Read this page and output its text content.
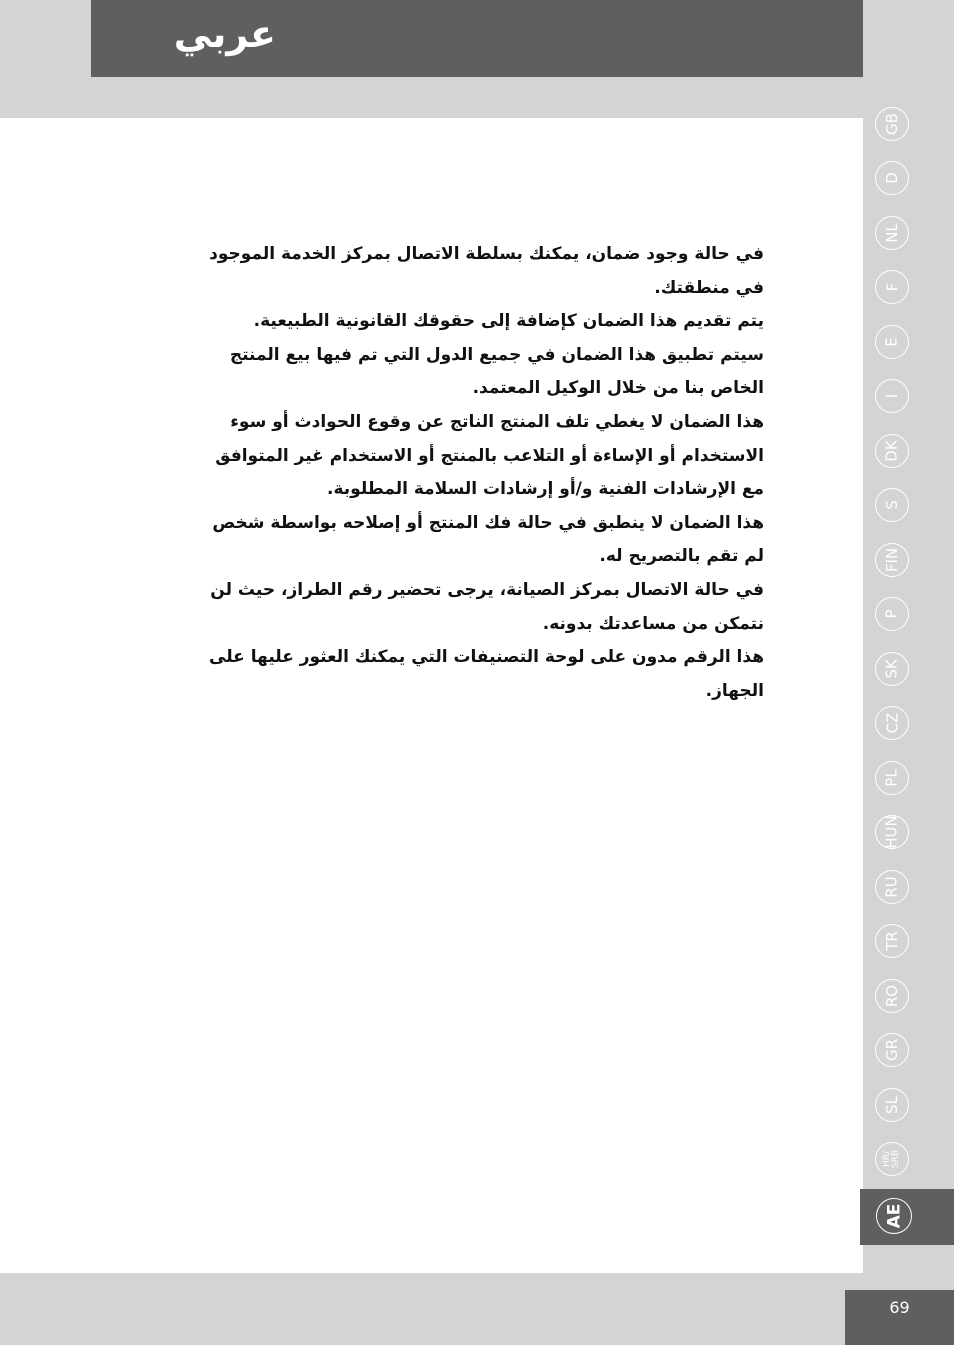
عربي

في حالة وجود ضمان، يمكنك بسلطة الاتصال بمركز الخدمة الموجود في منطقتك.

يتم تقديم هذا الضمان كإضافة إلى حقوقك القانونية الطبيعية.

سيتم تطبيق هذا الضمان في جميع الدول التي تم فيها بيع المنتج الخاص بنا من خلال الوكيل المعتمد.

هذا الضمان لا يغطي تلف المنتج الناتج عن وقوع الحوادث أو سوء الاستخدام أو الإساءة أو التلاعب بالمنتج أو الاستخدام غير المتوافق مع الإرشادات الفنية و/أو إرشادات السلامة المطلوبة.

هذا الضمان لا ينطبق في حالة فك المنتج أو إصلاحه بواسطة شخص لم تقم بالتصريح له.

في حالة الاتصال بمركز الصيانة، يرجى تحضير رقم الطراز، حيث لن نتمكن من مساعدتك بدونه.

هذا الرقم مدون على لوحة التصنيفات التي يمكنك العثور عليها على الجهاز.

GB
D
NL
F
E
I
DK
S
FIN
P
SK
CZ
PL
HUN
RU
TR
RO
GR
SL
HR/ SRB
AE
69
